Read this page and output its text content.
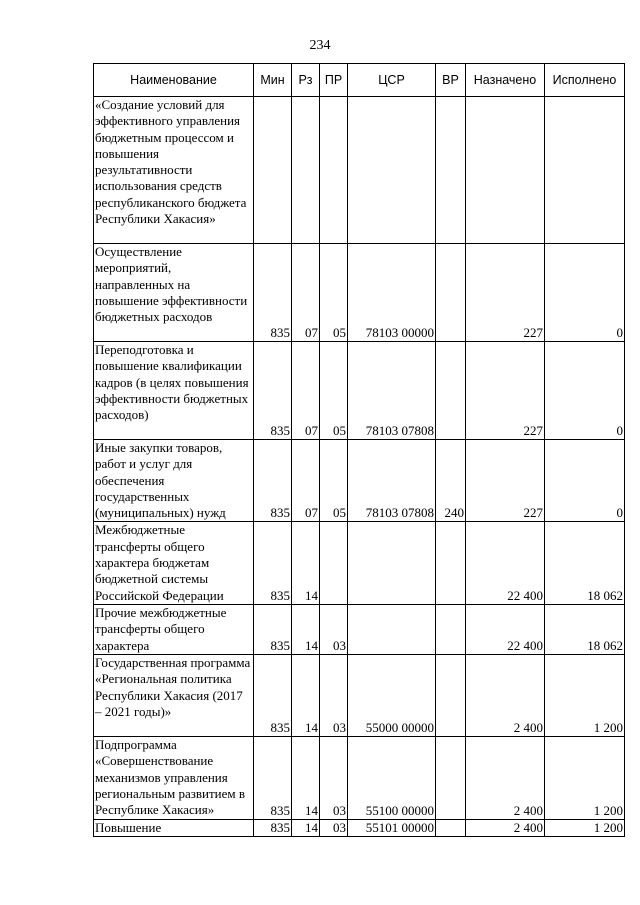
234
Наименование	Мин	Рз	ПР	ЦСР	ВР	Назначено	Исполнено
«Создание условий для эффективного управления бюджетным процессом и повышения результативности использования средств республиканского бюджета Республики Хакасия»							
Осуществление мероприятий, направленных на повышение эффективности бюджетных расходов	835	07	05	78103 00000		227	0
Переподготовка и повышение квалификации кадров (в целях повышения эффективности бюджетных расходов)	835	07	05	78103 07808		227	0
Иные закупки товаров, работ и услуг для обеспечения государственных (муниципальных) нужд	835	07	05	78103 07808	240	227	0
Межбюджетные трансферты общего характера бюджетам бюджетной системы Российской Федерации	835	14				22 400	18 062
Прочие межбюджетные трансферты общего характера	835	14	03			22 400	18 062
Государственная программа «Региональная политика Республики Хакасия (2017 – 2021 годы)»	835	14	03	55000 00000		2 400	1 200
Подпрограмма «Совершенствование механизмов управления региональным развитием в Республике Хакасия»	835	14	03	55100 00000		2 400	1 200
Повышение	835	14	03	55101 00000		2 400	1 200
